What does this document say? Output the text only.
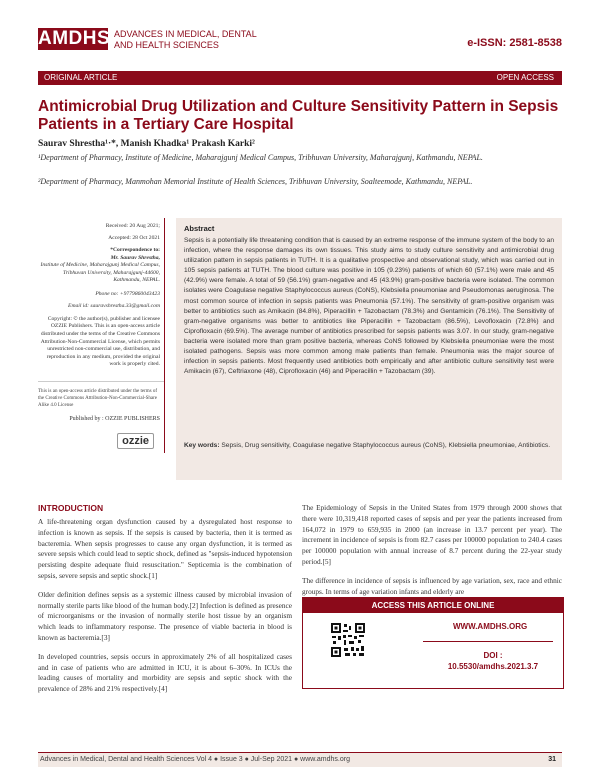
AMDHS ADVANCES IN MEDICAL, DENTAL
AND HEALTH SCIENCES	e-ISSN: 2581-8538
ORIGINAL ARTICLE	OPEN ACCESS
Antimicrobial Drug Utilization and Culture Sensitivity Pattern in Sepsis Patients in a Tertiary Care Hospital
Saurav Shrestha¹·*, Manish Khadka¹ Prakash Karki²
¹Department of Pharmacy, Institute of Medicine, Maharajgunj Medical Campus, Tribhuvan University, Maharajgunj, Kathmandu, NEPAL.
²Department of Pharmacy, Manmohan Memorial Institute of Health Sciences, Tribhuvan University, Soalteemode, Kathmandu, NEPAL.
Received: 20 Aug 2021;
Accepted: 28 Oct 2021
*Correspondence to:
Mr. Saurav Shrestha,
Institute of Medicine, Maharajgunj Medical Campus, Tribhuvan University, Maharajgunj-44600, Kathmandu, NEPAL.
Phone no: +9779860043423
Email id: sauravshrestha.33@gmail.com
Copyright: © the author(s), publisher and licensee OZZIE Publishers. This is an open-access article distributed under the terms of the Creative Commons Attribution-Non-Commercial License, which permits unrestricted non-commercial use, distribution, and reproduction in any medium, provided the original work is properly cited.
This is an open-access article distributed under the terms of the Creative Commons Attribution-Non-Commercial-Share Alike 4.0 License
Published by : OZZIE PUBLISHERS
ozzie
Abstract
Sepsis is a potentially life threatening condition that is caused by an extreme response of the immune system of the body to an infection, where the response damages its own tissues. This study aims to study culture sensitivity and antimicrobial drug utilization pattern in sepsis patients in TUTH. It is a qualitative prospective and observational study, which was carried out in 105 sepsis patients at TUTH. The blood culture was positive in 105 (9.23%) patients of which 60 (57.1%) were male and 45 (42.9%) were female. A total of 59 (56.1%) gram-negative and 45 (43.9%) gram-positive bacteria were isolated. The common isolates were Coagulase negative Staphylococcus aureus (CoNS), Klebsiella pneumoniae and Pseudomonas aeruginosa. The most common source of infection in sepsis patients was Pneumonia (57.1%). The sensitivity of gram-positive organism was better to antibiotics such as Amikacin (84.8%), Piperacillin + Tazobactam (78.3%) and Gentamicin (76.1%). The Sensitivity of gram-negative organisms was better to antibiotics like Piperacillin + Tazobactam (86.5%), Levofloxacin (72.8%) and Ciprofloxacin (69.5%). The average number of antibiotics prescribed for sepsis patients was 3.07. In our study, gram-negative bacteria were isolated more than gram positive bacteria, whereas CoNS followed by Klebsiella pneumoniae were the most isolated pathogens. Sepsis was more common among male patients than female. Pneumonia was the major source of infection in sepsis patients. Most frequently used antibiotics both empirically and after antibiotic culture sensitivity test were Amikacin (67), Ceftriaxone (48), Ciprofloxacin (46) and Piperacillin + Tazobactam (39).
Key words: Sepsis, Drug sensitivity, Coagulase negative Staphylococcus aureus (CoNS), Klebsiella pneumoniae, Antibiotics.
INTRODUCTION

A life-threatening organ dysfunction caused by a dysregulated host response to infection is known as sepsis. If the sepsis is caused by bacteria, then it is termed as bacteremia. When sepsis progresses to cause any organ dysfunction, it is termed as severe sepsis which could lead to septic shock, defined as "sepsis-induced hypotension persisting despite adequate fluid resuscitation." Septicemia is the combination of sepsis, severe sepsis and septic shock.[1]

Older definition defines sepsis as a systemic illness caused by microbial invasion of normally sterile parts like blood of the human body.[2] Infection is defined as presence of microorganisms or the invasion of normally sterile host tissue by an organism which leads to inflammatory response. The presence of viable bacteria in blood is known as bacteremia.[3]

In developed countries, sepsis occurs in approximately 2% of all hospitalized cases and in case of patients who are admitted in ICU, it is about 6–30%. In ICUs the leading causes of mortality and morbidity are sepsis and septic shock with the prevalence of 28% and 21% respectively.[4]

The Epidemiology of Sepsis in the United States from 1979 through 2000 shows that there were 10,319,418 reported cases of sepsis and per year the patients increased from 164,072 in 1979 to 659,935 in 2000 (an increase in 13.7 percent per year). The increment in incidence of sepsis is from 82.7 cases per 100000 population to 240.4 cases per 100000 population with annual increase of 8.7 percent during the 22-year study period.[5]

The difference in incidence of sepsis is influenced by age variation, sex, race and ethnic groups. In terms of age variation infants and elderly are

ACCESS THIS ARTICLE ONLINE
WWW.AMDHS.ORG
DOI :
10.5530/amdhs.2021.3.7
Advances in Medical, Dental and Health Sciences Vol 4 ● Issue 3 ● Jul-Sep 2021 ● www.amdhs.org	31
